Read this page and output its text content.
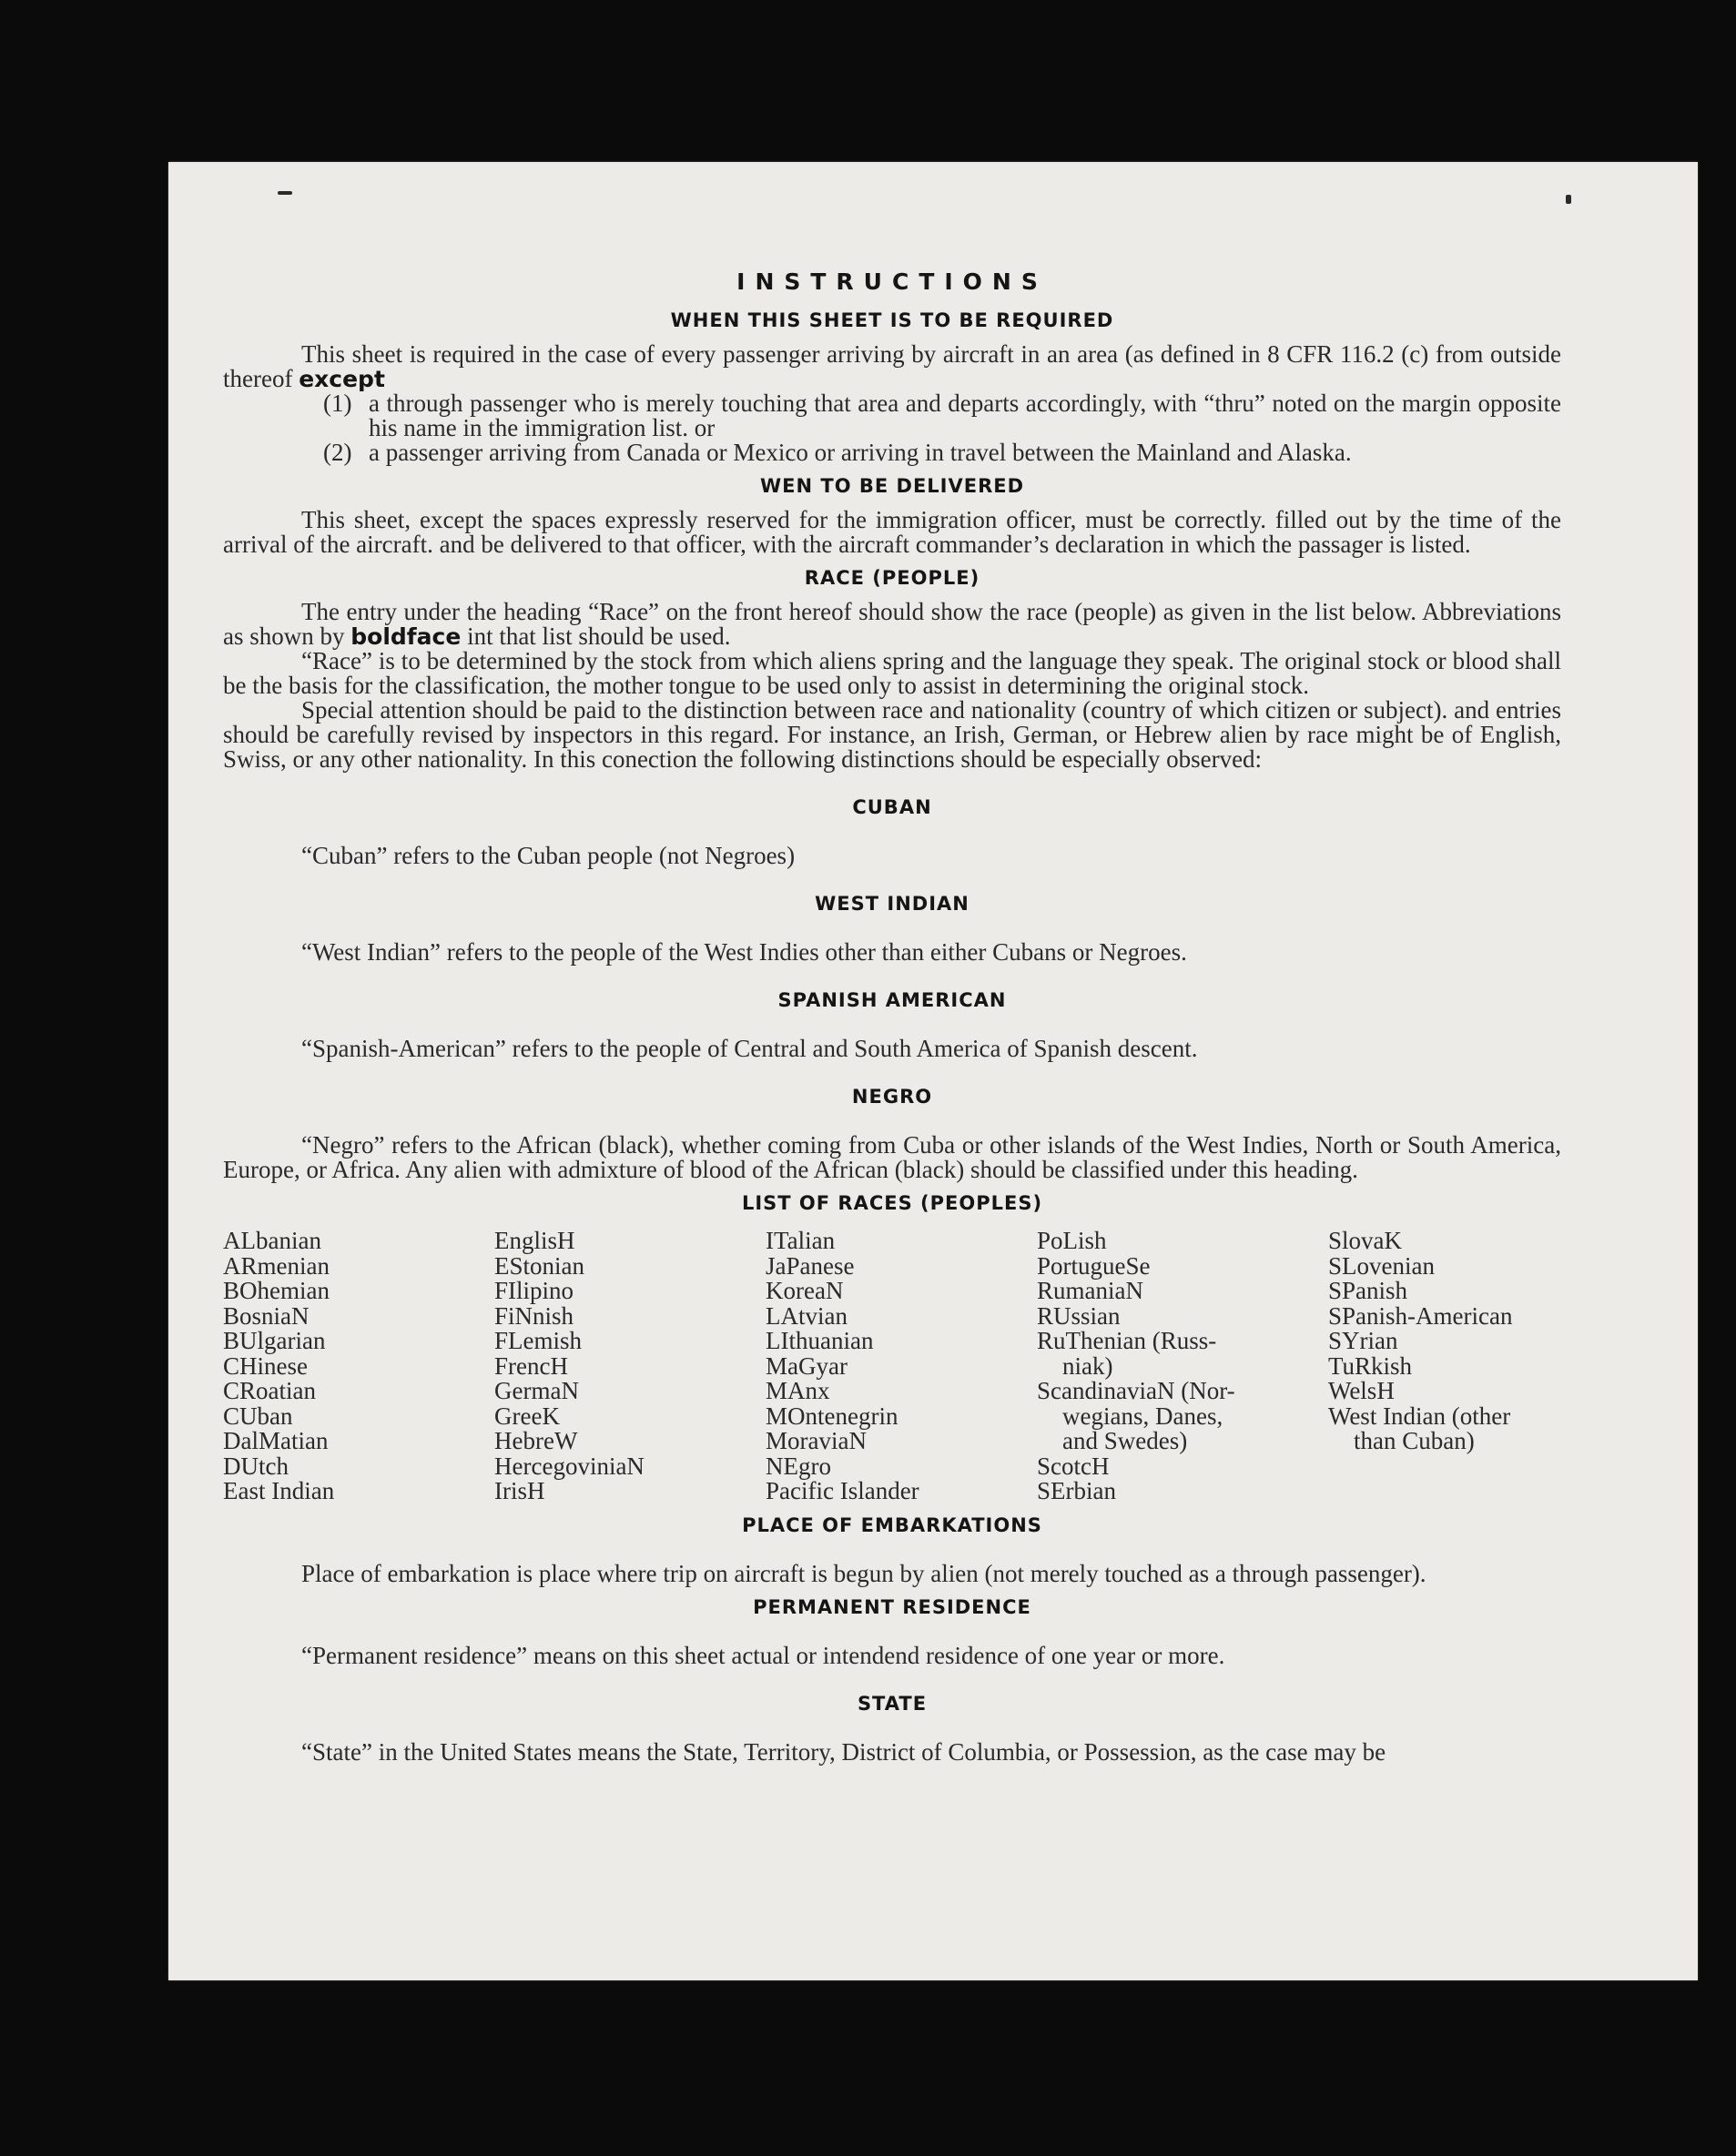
INSTRUCTIONS
WHEN THIS SHEET IS TO BE REQUIRED

This sheet is required in the case of every passenger arriving by aircraft in an area (as defined in 8 CFR 116.2 (c) from outside thereof except

(1) a through passenger who is merely touching that area and departs accordingly, with “thru” noted on the margin opposite his name in the immigration list. or
(2) a passenger arriving from Canada or Mexico or arriving in travel between the Mainland and Alaska.
WEN TO BE DELIVERED

This sheet, except the spaces expressly reserved for the immigration officer, must be correctly. filled out by the time of the arrival of the aircraft. and be delivered to that officer, with the aircraft commander’s declaration in which the passager is listed.

RACE (PEOPLE)

The entry under the heading “Race” on the front hereof should show the race (people) as given in the list below. Abbreviations as shown by boldface int that list should be used.

“Race” is to be determined by the stock from which aliens spring and the language they speak. The original stock or blood shall be the basis for the classification, the mother tongue to be used only to assist in determining the original stock.

Special attention should be paid to the distinction between race and nationality (country of which citizen or subject). and entries should be carefully revised by inspectors in this regard. For instance, an Irish, German, or Hebrew alien by race might be of English, Swiss, or any other nationality. In this conection the following distinctions should be especially observed:

CUBAN

“Cuban” refers to the Cuban people (not Negroes)

WEST INDIAN

“West Indian” refers to the people of the West Indies other than either Cubans or Negroes.

SPANISH AMERICAN

“Spanish-American” refers to the people of Central and South America of Spanish descent.

NEGRO

“Negro” refers to the African (black), whether coming from Cuba or other islands of the West Indies, North or South America, Europe, or Africa. Any alien with admixture of blood of the African (black) should be classified under this heading.

LIST OF RACES (PEOPLES)
ALbanian
ARmenian
BOhemian
BosniaN
BUlgarian
CHinese
CRoatian
CUban
DalMatian
DUtch
East Indian
EnglisH
EStonian
FIlipino
FiNnish
FLemish
FrencH
GermaN
GreeK
HebreW
HercegoviniaN
IrisH
ITalian
JaPanese
KoreaN
LAtvian
LIthuanian
MaGyar
MAnx
MOntenegrin
MoraviaN
NEgro
Pacific Islander
PoLish
PortugueSe
RumaniaN
RUssian
RuThenian (Russ-
niak)
ScandinaviaN (Nor-
wegians, Danes,
and Swedes)
ScotcH
SErbian
SlovaK
SLovenian
SPanish
SPanish-American
SYrian
TuRkish
WelsH
West Indian (other
than Cuban)
PLACE OF EMBARKATIONS

Place of embarkation is place where trip on aircraft is begun by alien (not merely touched as a through passenger).

PERMANENT RESIDENCE

“Permanent residence” means on this sheet actual or intendend residence of one year or more.

STATE

“State” in the United States means the State, Territory, District of Columbia, or Possession, as the case may be
